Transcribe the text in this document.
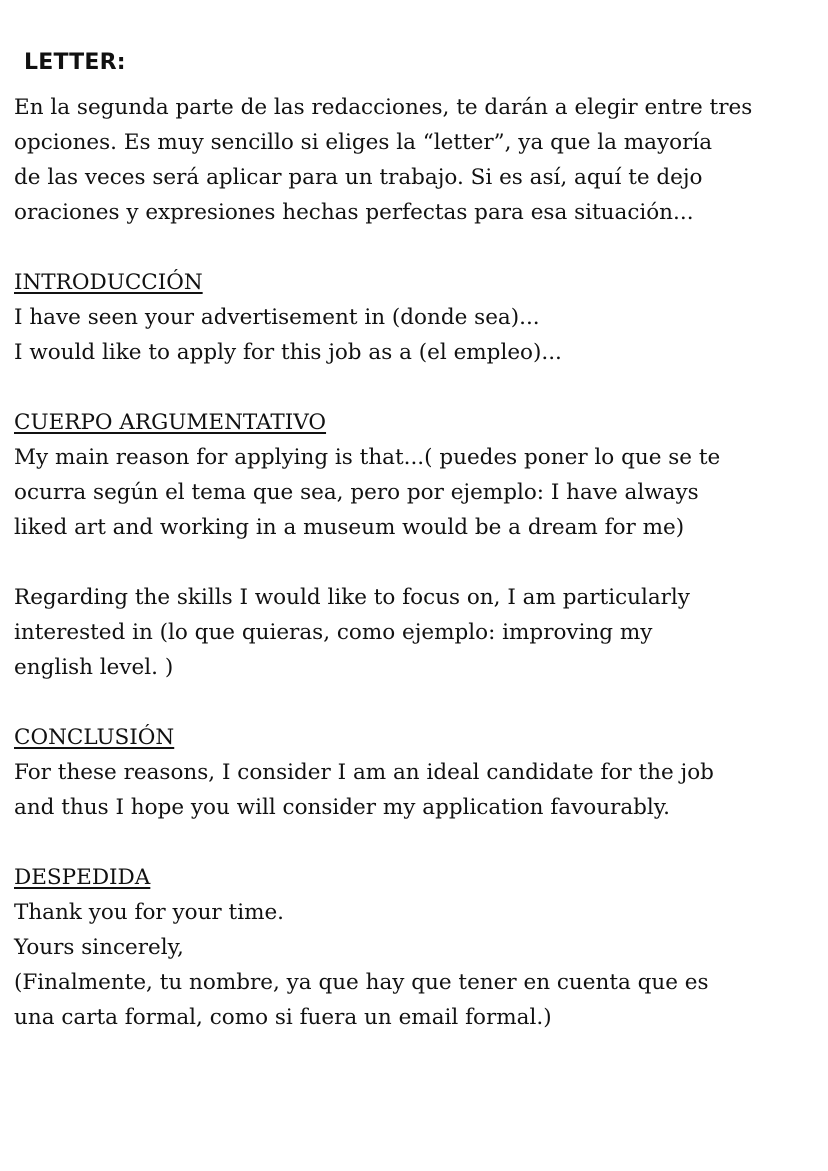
LETTER:
En la segunda parte de las redacciones, te darán a elegir entre tres
opciones. Es muy sencillo si eliges la “letter”, ya que la mayoría
de las veces será aplicar para un trabajo. Si es así, aquí te dejo
oraciones y expresiones hechas perfectas para esa situación...
INTRODUCCIÓN
I have seen your advertisement in (donde sea)...
I would like to apply for this job as a (el empleo)...
CUERPO ARGUMENTATIVO
My main reason for applying is that...( puedes poner lo que se te
ocurra según el tema que sea, pero por ejemplo: I have always
liked art and working in a museum would be a dream for me)
Regarding the skills I would like to focus on, I am particularly
interested in (lo que quieras, como ejemplo: improving my
english level. )
CONCLUSIÓN
For these reasons, I consider I am an ideal candidate for the job
and thus I hope you will consider my application favourably.
DESPEDIDA
Thank you for your time.
Yours sincerely,
(Finalmente, tu nombre, ya que hay que tener en cuenta que es
una carta formal, como si fuera un email formal.)
